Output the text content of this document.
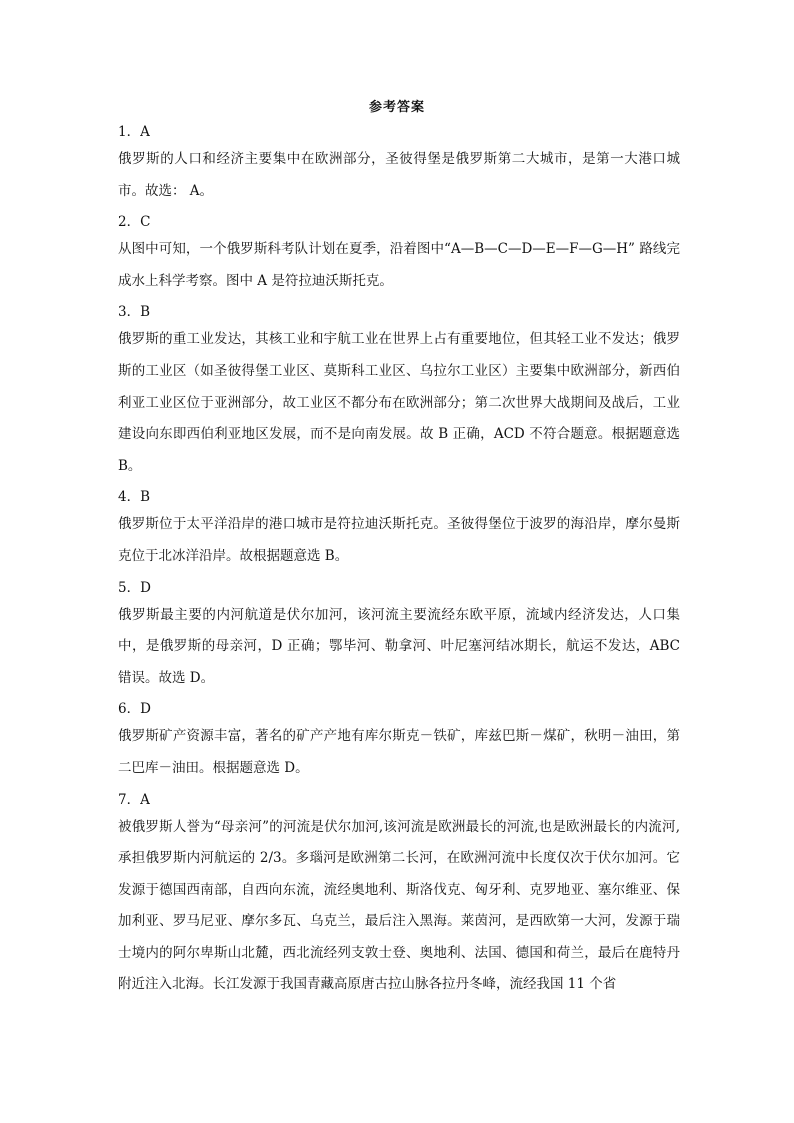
参考答案

1．A

俄罗斯的人口和经济主要集中在欧洲部分，圣彼得堡是俄罗斯第二大城市，是第一大港口城市。故选： A。

2．C

从图中可知，一个俄罗斯科考队计划在夏季，沿着图中“A—B—C—D—E—F—G—H” 路线完成水上科学考察。图中 A 是符拉迪沃斯托克。

3．B

俄罗斯的重工业发达，其核工业和宇航工业在世界上占有重要地位，但其轻工业不发达；俄罗斯的工业区（如圣彼得堡工业区、莫斯科工业区、乌拉尔工业区）主要集中欧洲部分，新西伯利亚工业区位于亚洲部分，故工业区不都分布在欧洲部分；第二次世界大战期间及战后，工业建设向东即西伯利亚地区发展，而不是向南发展。故 B 正确，ACD 不符合题意。根据题意选 B。

4．B

俄罗斯位于太平洋沿岸的港口城市是符拉迪沃斯托克。圣彼得堡位于波罗的海沿岸，摩尔曼斯克位于北冰洋沿岸。故根据题意选 B。

5．D

俄罗斯最主要的内河航道是伏尔加河，该河流主要流经东欧平原，流域内经济发达，人口集中，是俄罗斯的母亲河，D 正确；鄂毕河、勒拿河、叶尼塞河结冰期长，航运不发达，ABC 错误。故选 D。

6．D

俄罗斯矿产资源丰富，著名的矿产产地有库尔斯克－铁矿，库兹巴斯－煤矿，秋明－油田，第二巴库－油田。根据题意选 D。

7．A

被俄罗斯人誉为“母亲河”的河流是伏尔加河,该河流是欧洲最长的河流,也是欧洲最长的内流河,承担俄罗斯内河航运的 2/3。多瑙河是欧洲第二长河，在欧洲河流中长度仅次于伏尔加河。它发源于德国西南部，自西向东流，流经奥地利、斯洛伐克、匈牙利、克罗地亚、塞尔维亚、保加利亚、罗马尼亚、摩尔多瓦、乌克兰，最后注入黑海。莱茵河，是西欧第一大河，发源于瑞士境内的阿尔卑斯山北麓，西北流经列支敦士登、奥地利、法国、德国和荷兰，最后在鹿特丹附近注入北海。长江发源于我国青藏高原唐古拉山脉各拉丹冬峰，流经我国 11 个省
